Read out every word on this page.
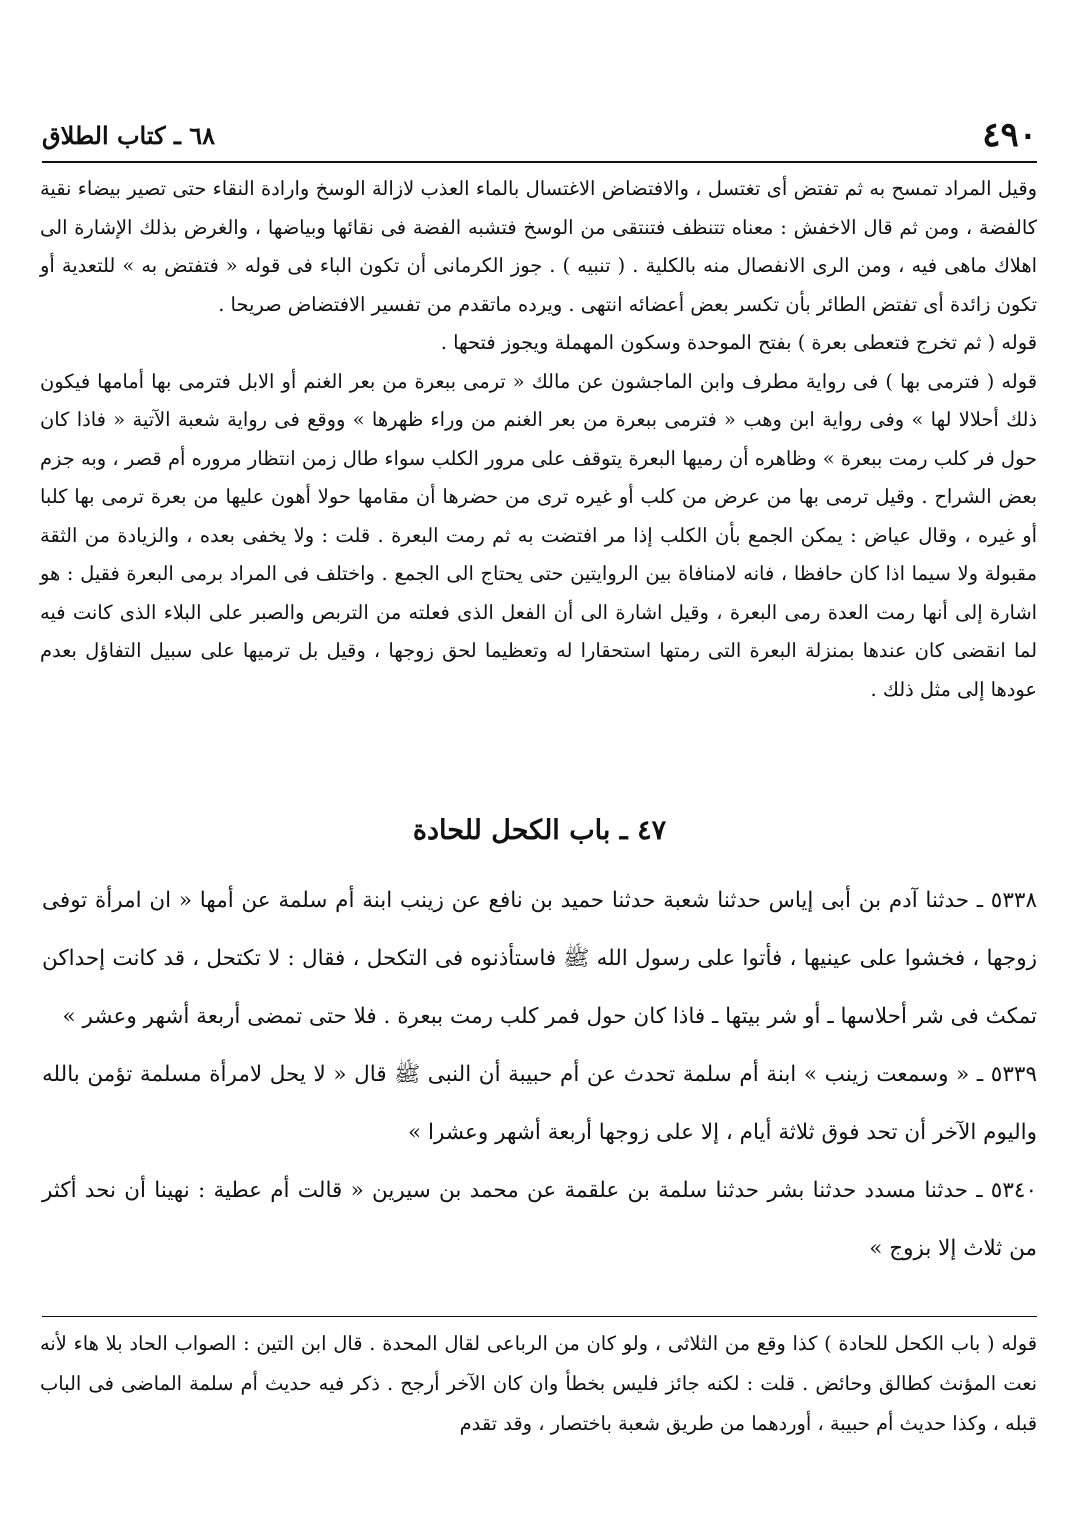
٤٩٠
٦٨ ـ كتاب الطلاق

وقيل المراد تمسح به ثم تفتض أى تغتسل ، والافتضاض الاغتسال بالماء العذب لازالة الوسخ وارادة النقاء حتى تصير بيضاء نقية كالفضة ، ومن ثم قال الاخفش : معناه تتنظف فتنتقى من الوسخ فتشبه الفضة فى نقائها وبياضها ، والغرض بذلك الإشارة الى اهلاك ماهى فيه ، ومن الرى الانفصال منه بالكلية . ( تنبيه ) . جوز الكرمانى أن تكون الباء فى قوله « فتفتض به » للتعدية أو تكون زائدة أى تفتض الطائر بأن تكسر بعض أعضائه انتهى . ويرده ماتقدم من تفسير الافتضاض صريحا .

قوله ( ثم تخرج فتعطى بعرة ) بفتح الموحدة وسكون المهملة ويجوز فتحها .

قوله ( فترمى بها ) فى رواية مطرف وابن الماجشون عن مالك « ترمى ببعرة من بعر الغنم أو الابل فترمى بها أمامها فيكون ذلك أحلالا لها » وفى رواية ابن وهب « فترمى ببعرة من بعر الغنم من وراء ظهرها » ووقع فى رواية شعبة الآتية « فاذا كان حول فر كلب رمت ببعرة » وظاهره أن رميها البعرة يتوقف على مرور الكلب سواء طال زمن انتظار مروره أم قصر ، وبه جزم بعض الشراح . وقيل ترمى بها من عرض من كلب أو غيره ترى من حضرها أن مقامها حولا أهون عليها من بعرة ترمى بها كلبا أو غيره ، وقال عياض : يمكن الجمع بأن الكلب إذا مر افتضت به ثم رمت البعرة . قلت : ولا يخفى بعده ، والزيادة من الثقة مقبولة ولا سيما اذا كان حافظا ، فانه لامنافاة بين الروايتين حتى يحتاج الى الجمع . واختلف فى المراد برمى البعرة فقيل : هو اشارة إلى أنها رمت العدة رمى البعرة ، وقيل اشارة الى أن الفعل الذى فعلته من التربص والصبر على البلاء الذى كانت فيه لما انقضى كان عندها بمنزلة البعرة التى رمتها استحقارا له وتعظيما لحق زوجها ، وقيل بل ترميها على سبيل التفاؤل بعدم عودها إلى مثل ذلك .

٤٧ ـ باب الكحل للحادة

٥٣٣٨ ـ حدثنا آدم بن أبى إياس حدثنا شعبة حدثنا حميد بن نافع عن زينب ابنة أم سلمة عن أمها « ان امرأة توفى زوجها ، فخشوا على عينيها ، فأتوا على رسول الله ﷺ فاستأذنوه فى التكحل ، فقال : لا تكتحل ، قد كانت إحداكن تمكث فى شر أحلاسها ـ أو شر بيتها ـ فاذا كان حول فمر كلب رمت ببعرة . فلا حتى تمضى أربعة أشهر وعشر »

٥٣٣٩ ـ « وسمعت زينب » ابنة أم سلمة تحدث عن أم حبيبة أن النبى ﷺ قال « لا يحل لامرأة مسلمة تؤمن بالله واليوم الآخر أن تحد فوق ثلاثة أيام ، إلا على زوجها أربعة أشهر وعشرا »

٥٣٤٠ ـ حدثنا مسدد حدثنا بشر حدثنا سلمة بن علقمة عن محمد بن سيرين « قالت أم عطية : نهينا أن نحد أكثر من ثلاث إلا بزوج »

قوله ( باب الكحل للحادة ) كذا وقع من الثلاثى ، ولو كان من الرباعى لقال المحدة . قال ابن التين : الصواب الحاد بلا هاء لأنه نعت المؤنث كطالق وحائض . قلت : لكنه جائز فليس بخطأ وان كان الآخر أرجح . ذكر فيه حديث أم سلمة الماضى فى الباب قبله ، وكذا حديث أم حبيبة ، أوردهما من طريق شعبة باختصار ، وقد تقدم
